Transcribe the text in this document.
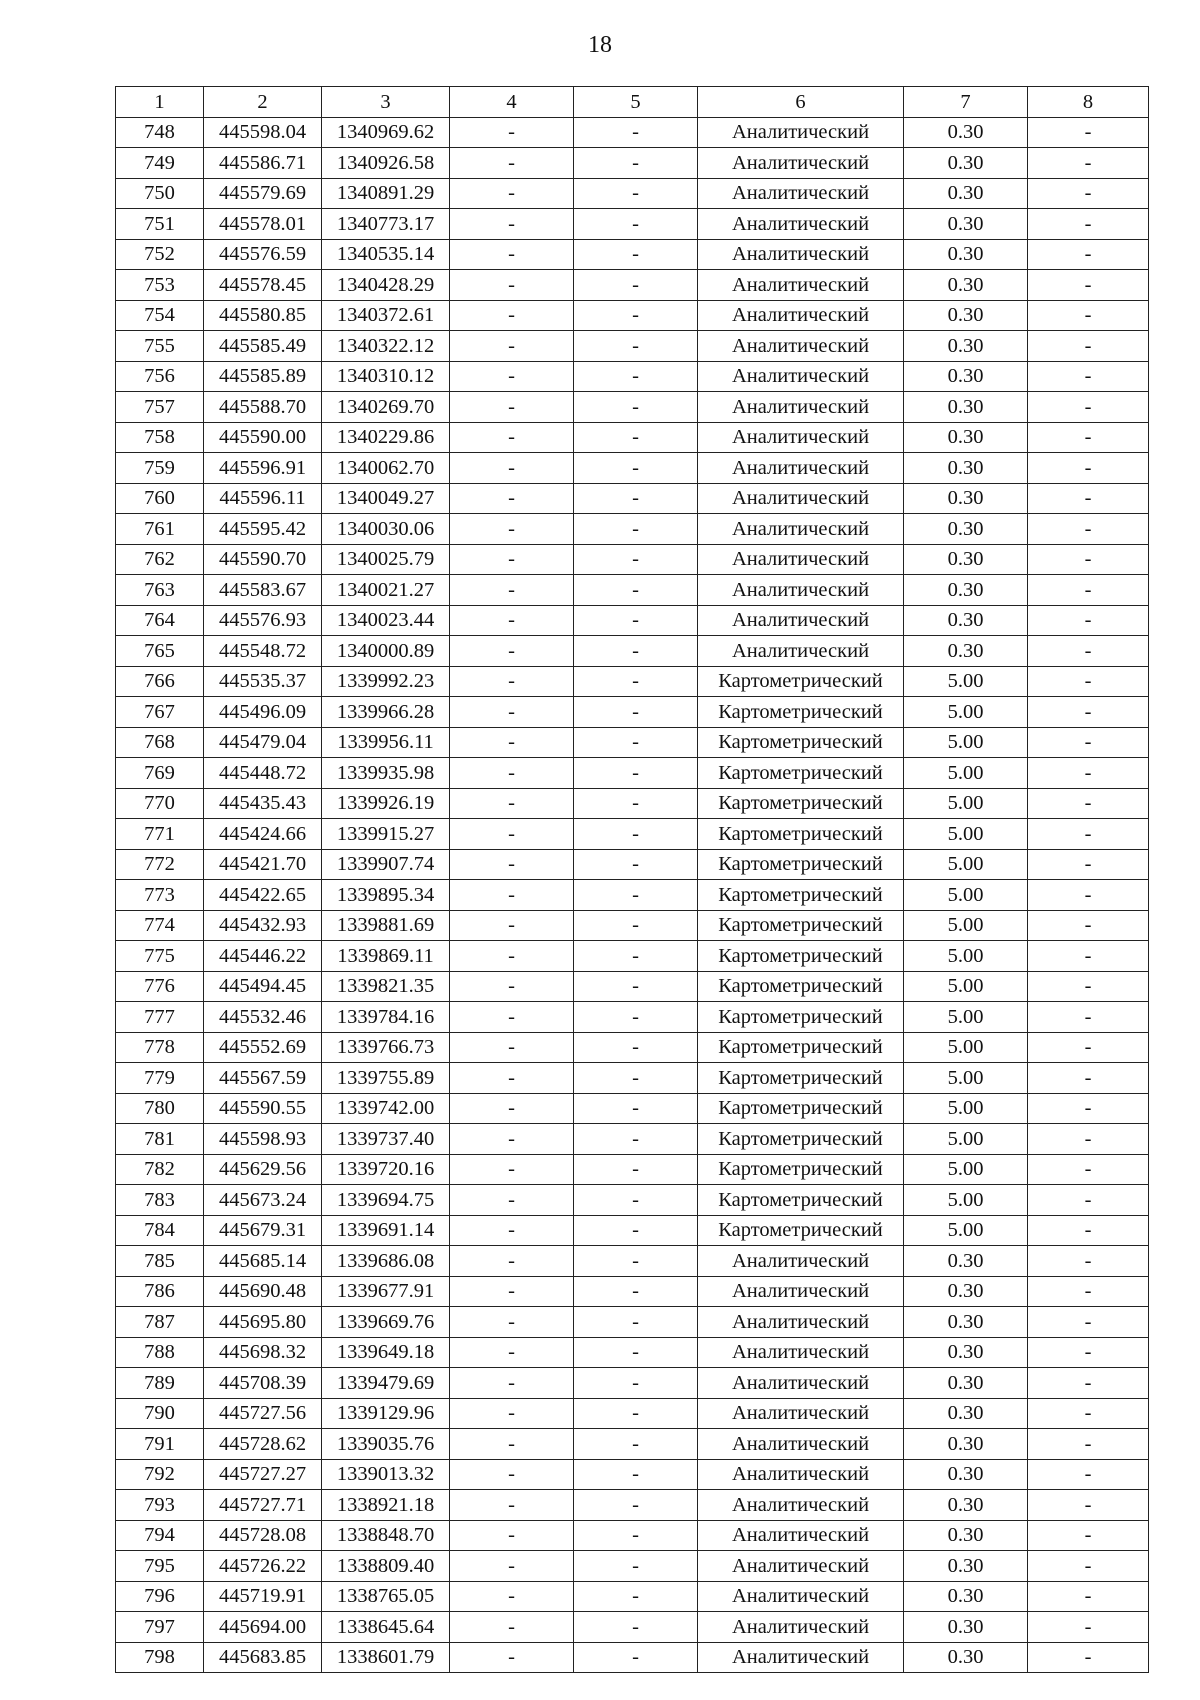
18
1	2	3	4	5	6	7	8
748	445598.04	1340969.62	-	-	Аналитический	0.30	-
749	445586.71	1340926.58	-	-	Аналитический	0.30	-
750	445579.69	1340891.29	-	-	Аналитический	0.30	-
751	445578.01	1340773.17	-	-	Аналитический	0.30	-
752	445576.59	1340535.14	-	-	Аналитический	0.30	-
753	445578.45	1340428.29	-	-	Аналитический	0.30	-
754	445580.85	1340372.61	-	-	Аналитический	0.30	-
755	445585.49	1340322.12	-	-	Аналитический	0.30	-
756	445585.89	1340310.12	-	-	Аналитический	0.30	-
757	445588.70	1340269.70	-	-	Аналитический	0.30	-
758	445590.00	1340229.86	-	-	Аналитический	0.30	-
759	445596.91	1340062.70	-	-	Аналитический	0.30	-
760	445596.11	1340049.27	-	-	Аналитический	0.30	-
761	445595.42	1340030.06	-	-	Аналитический	0.30	-
762	445590.70	1340025.79	-	-	Аналитический	0.30	-
763	445583.67	1340021.27	-	-	Аналитический	0.30	-
764	445576.93	1340023.44	-	-	Аналитический	0.30	-
765	445548.72	1340000.89	-	-	Аналитический	0.30	-
766	445535.37	1339992.23	-	-	Картометрический	5.00	-
767	445496.09	1339966.28	-	-	Картометрический	5.00	-
768	445479.04	1339956.11	-	-	Картометрический	5.00	-
769	445448.72	1339935.98	-	-	Картометрический	5.00	-
770	445435.43	1339926.19	-	-	Картометрический	5.00	-
771	445424.66	1339915.27	-	-	Картометрический	5.00	-
772	445421.70	1339907.74	-	-	Картометрический	5.00	-
773	445422.65	1339895.34	-	-	Картометрический	5.00	-
774	445432.93	1339881.69	-	-	Картометрический	5.00	-
775	445446.22	1339869.11	-	-	Картометрический	5.00	-
776	445494.45	1339821.35	-	-	Картометрический	5.00	-
777	445532.46	1339784.16	-	-	Картометрический	5.00	-
778	445552.69	1339766.73	-	-	Картометрический	5.00	-
779	445567.59	1339755.89	-	-	Картометрический	5.00	-
780	445590.55	1339742.00	-	-	Картометрический	5.00	-
781	445598.93	1339737.40	-	-	Картометрический	5.00	-
782	445629.56	1339720.16	-	-	Картометрический	5.00	-
783	445673.24	1339694.75	-	-	Картометрический	5.00	-
784	445679.31	1339691.14	-	-	Картометрический	5.00	-
785	445685.14	1339686.08	-	-	Аналитический	0.30	-
786	445690.48	1339677.91	-	-	Аналитический	0.30	-
787	445695.80	1339669.76	-	-	Аналитический	0.30	-
788	445698.32	1339649.18	-	-	Аналитический	0.30	-
789	445708.39	1339479.69	-	-	Аналитический	0.30	-
790	445727.56	1339129.96	-	-	Аналитический	0.30	-
791	445728.62	1339035.76	-	-	Аналитический	0.30	-
792	445727.27	1339013.32	-	-	Аналитический	0.30	-
793	445727.71	1338921.18	-	-	Аналитический	0.30	-
794	445728.08	1338848.70	-	-	Аналитический	0.30	-
795	445726.22	1338809.40	-	-	Аналитический	0.30	-
796	445719.91	1338765.05	-	-	Аналитический	0.30	-
797	445694.00	1338645.64	-	-	Аналитический	0.30	-
798	445683.85	1338601.79	-	-	Аналитический	0.30	-
